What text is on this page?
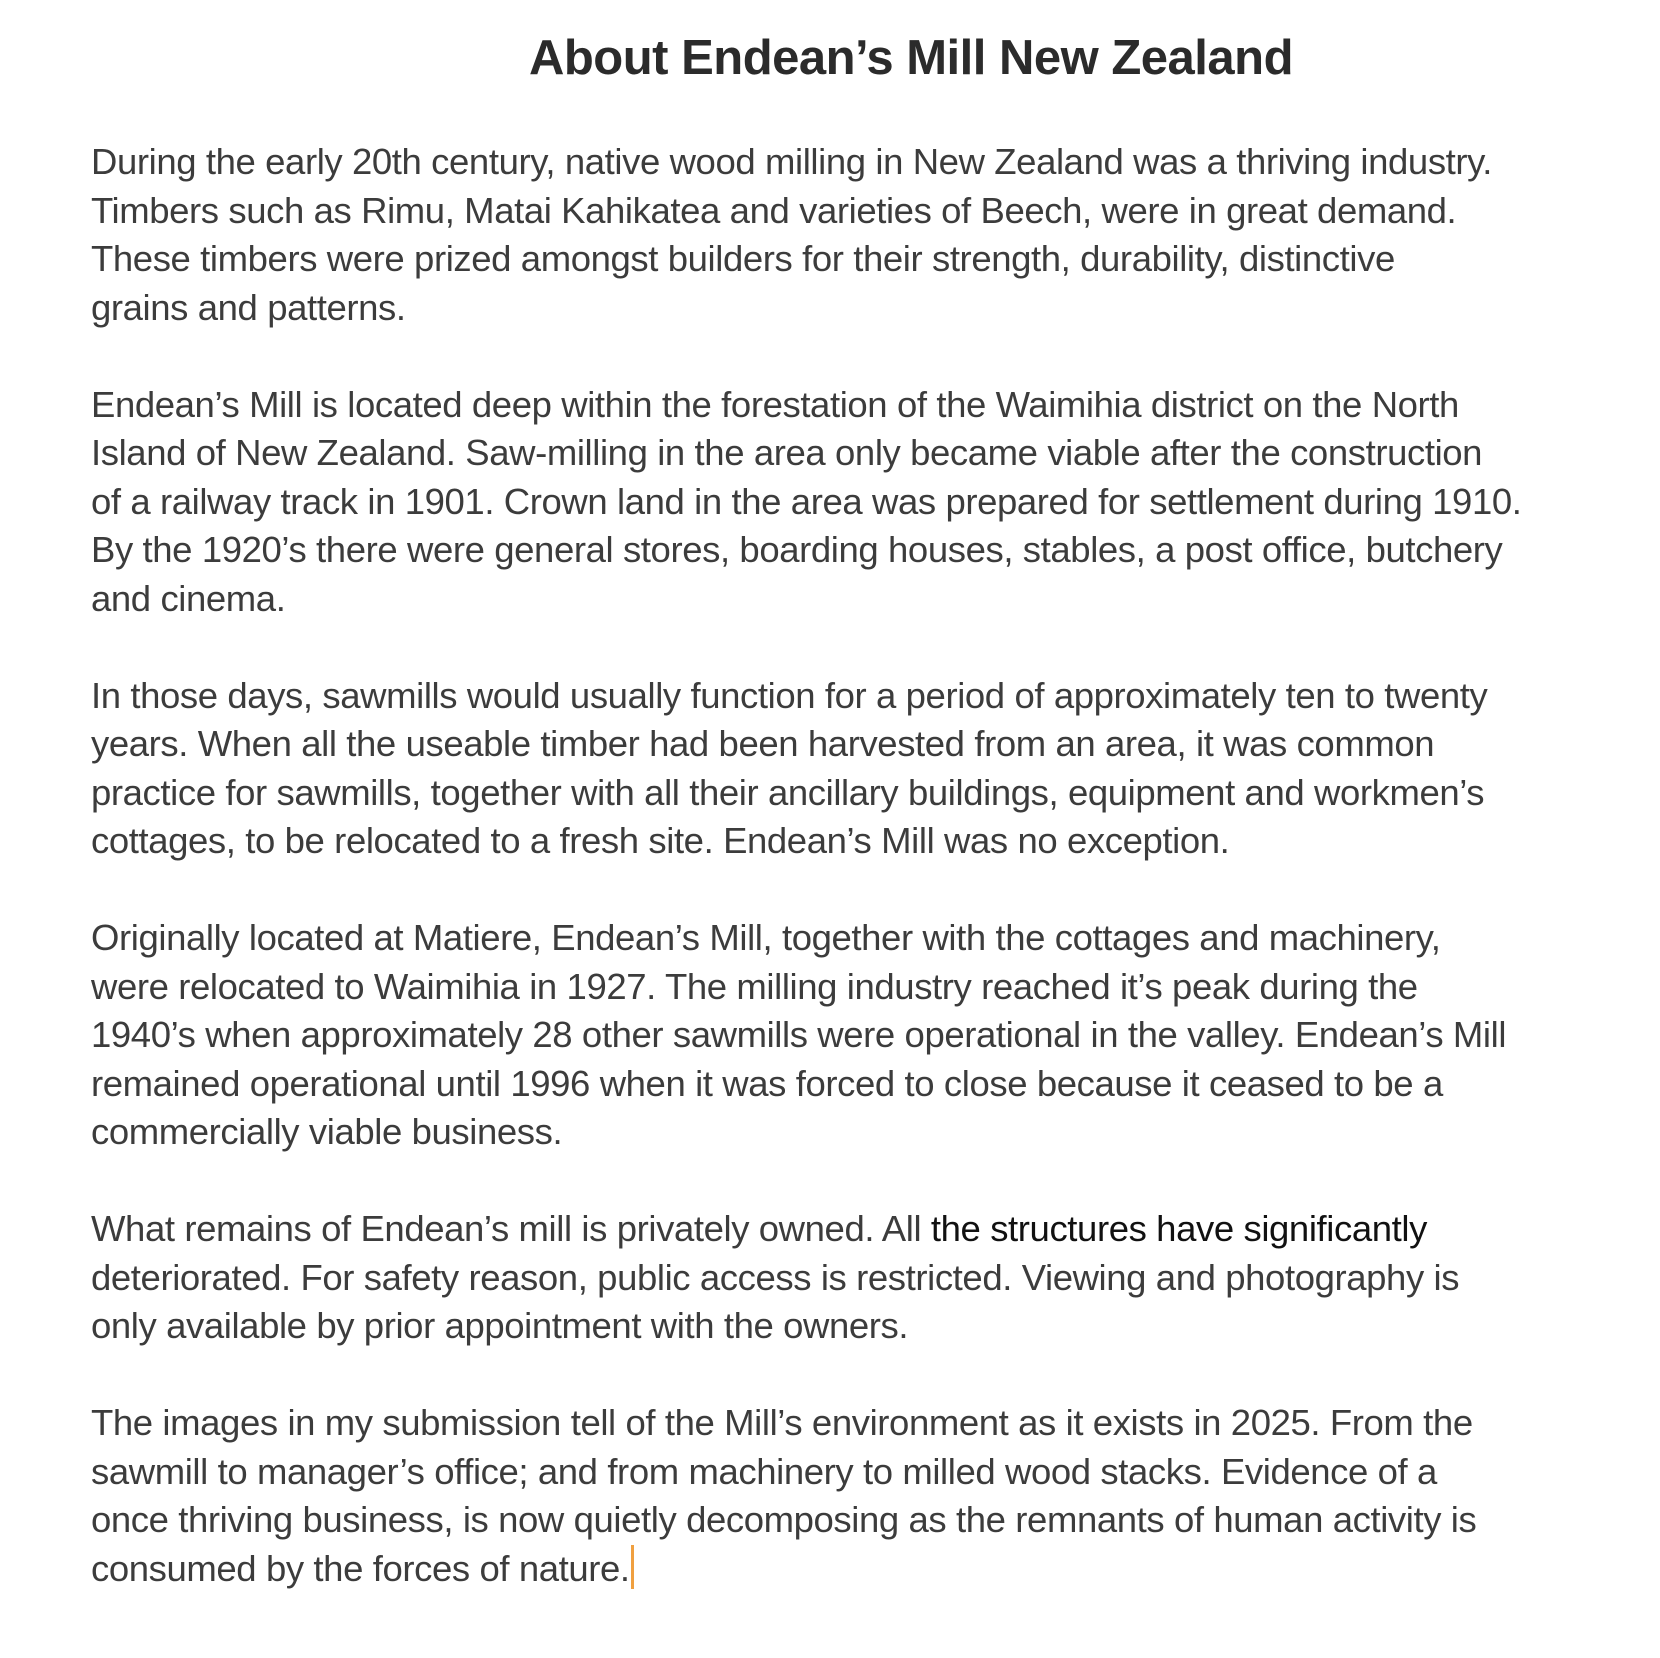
About Endean’s Mill New Zealand

During the early 20th century, native wood milling in New Zealand was a thriving industry.
Timbers such as Rimu, Matai Kahikatea and varieties of Beech, were in great demand.
These timbers were prized amongst builders for their strength, durability, distinctive
grains and patterns.

Endean’s Mill is located deep within the forestation of the Waimihia district on the North
Island of New Zealand. Saw-milling in the area only became viable after the construction
of a railway track in 1901. Crown land in the area was prepared for settlement during 1910.
By the 1920’s there were general stores, boarding houses, stables, a post office, butchery
and cinema.

In those days, sawmills would usually function for a period of approximately ten to twenty
years. When all the useable timber had been harvested from an area, it was common
practice for sawmills, together with all their ancillary buildings, equipment and workmen’s
cottages, to be relocated to a fresh site. Endean’s Mill was no exception.

Originally located at Matiere, Endean’s Mill, together with the cottages and machinery,
were relocated to Waimihia in 1927. The milling industry reached it’s peak during the
1940’s when approximately 28 other sawmills were operational in the valley. Endean’s Mill
remained operational until 1996 when it was forced to close because it ceased to be a
commercially viable business.

What remains of Endean’s mill is privately owned. All the structures have significantly
deteriorated. For safety reason, public access is restricted. Viewing and photography is
only available by prior appointment with the owners.

The images in my submission tell of the Mill’s environment as it exists in 2025. From the
sawmill to manager’s office; and from machinery to milled wood stacks. Evidence of a
once thriving business, is now quietly decomposing as the remnants of human activity is
consumed by the forces of nature.
